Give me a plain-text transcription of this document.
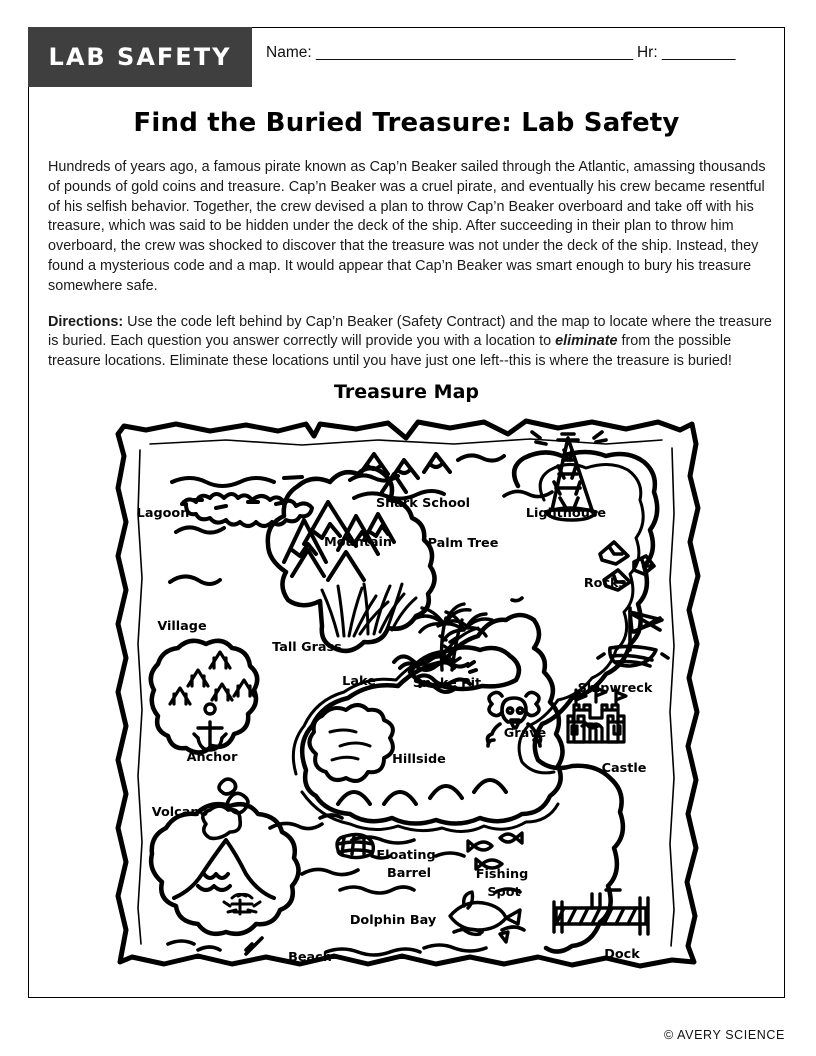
LAB SAFETY Name: _______________________________________ Hr: _________
Find the Buried Treasure: Lab Safety

Hundreds of years ago, a famous pirate known as Cap’n Beaker sailed through the Atlantic, amassing thousands of pounds of gold coins and treasure. Cap’n Beaker was a cruel pirate, and eventually his crew became resentful of his selfish behavior. Together, the crew devised a plan to throw Cap’n Beaker overboard and take off with his treasure, which was said to be hidden under the deck of the ship. After succeeding in their plan to throw him overboard, the crew was shocked to discover that the treasure was not under the deck of the ship. Instead, they found a mysterious code and a map. It would appear that Cap’n Beaker was smart enough to bury his treasure somewhere safe.

Directions: Use the code left behind by Cap’n Beaker (Safety Contract) and the map to locate where the treasure is buried. Each question you answer correctly will provide you with a location to eliminate from the possible treasure locations. Eliminate these locations until you have just one left--this is where the treasure is buried!

Treasure Map
Lagoon
Mountain
Shark School
Lighthouse
Palm Tree
Rocks
Village
Tall Grass
Lake	Snake Pit
Grave
Shipwreck
Anchor	Hillside
Castle
Volcano
Floating
Barrel	Fishing
Spot
Dolphin Bay
Beach	Dock
© AVERY SCIENCE
